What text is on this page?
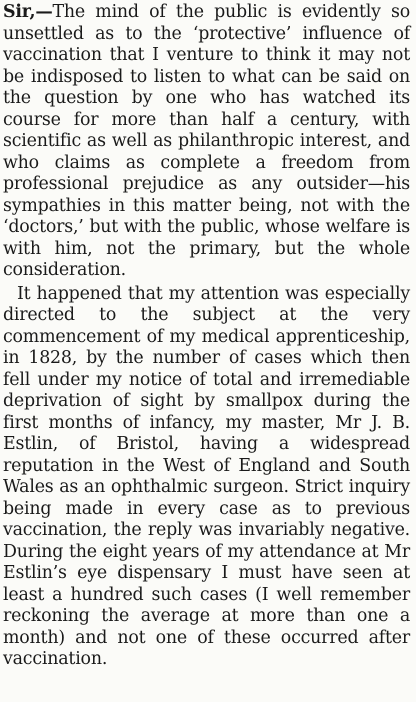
Sir,—The mind of the public is evidently so unsettled as to the ‘protective’ influence of vaccination that I venture to think it may not be indisposed to listen to what can be said on the question by one who has watched its course for more than half a century, with scientific as well as philanthropic interest, and who claims as complete a freedom from professional prejudice as any outsider—his sympathies in this matter being, not with the ‘doctors,’ but with the public, whose welfare is with him, not the primary, but the whole consideration.

It happened that my attention was especially directed to the subject at the very commencement of my medical apprenticeship, in 1828, by the number of cases which then fell under my notice of total and irremediable deprivation of sight by smallpox during the first months of infancy, my master, Mr J. B. Estlin, of Bristol, having a widespread reputation in the West of England and South Wales as an ophthalmic surgeon. Strict inquiry being made in every case as to previous vaccination, the reply was invariably negative. During the eight years of my attendance at Mr Estlin’s eye dispensary I must have seen at least a hundred such cases (I well remember reckoning the average at more than one a month) and not one of these occurred after vaccination.
